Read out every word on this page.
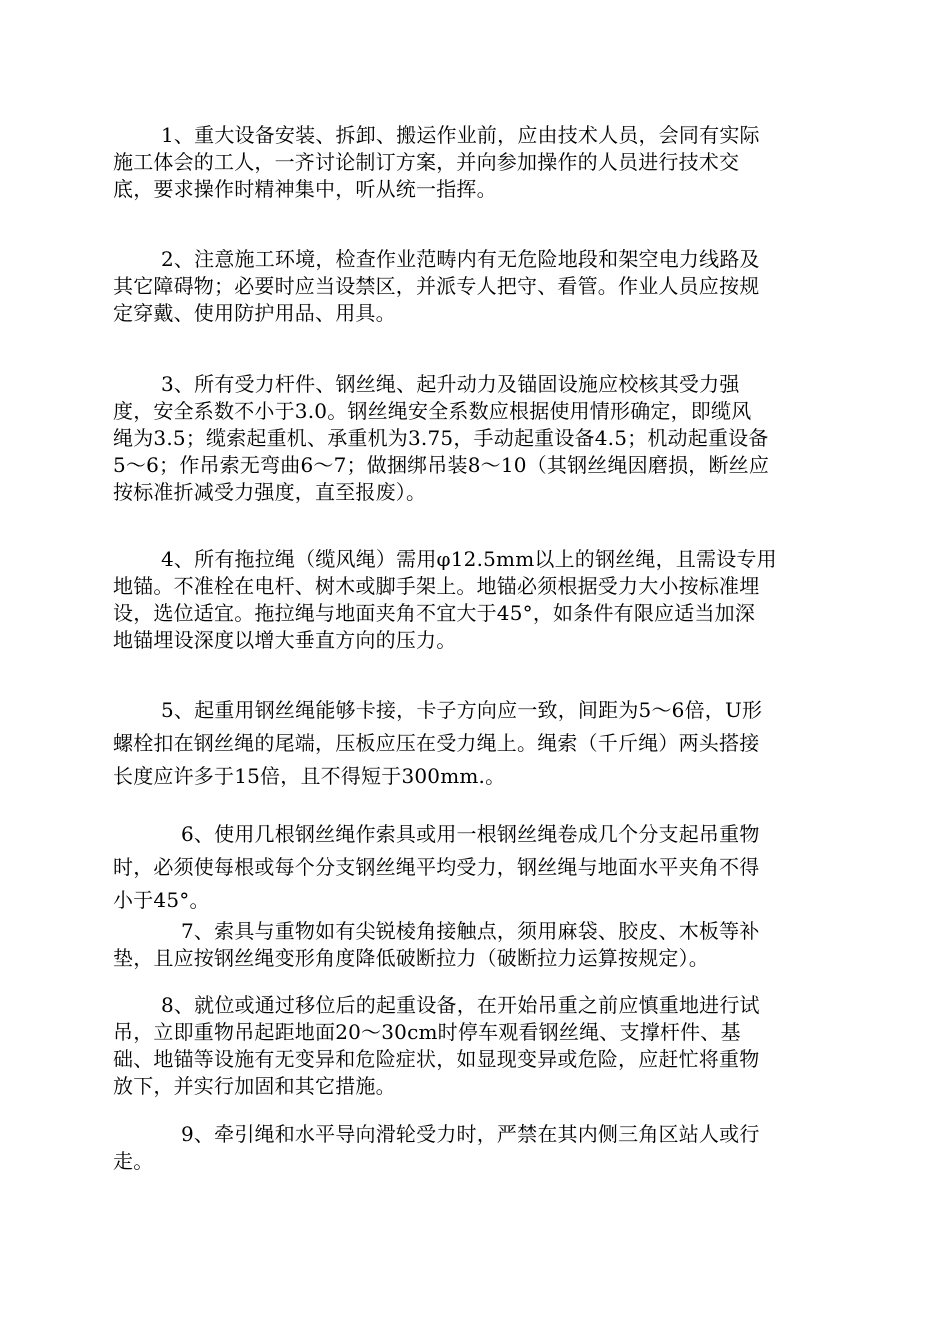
1、重大设备安装、拆卸、搬运作业前，应由技术人员，会同有实际
施工体会的工人，一齐讨论制订方案，并向参加操作的人员进行技术交
底，要求操作时精神集中，听从统一指挥。
2、注意施工环境，检查作业范畴内有无危险地段和架空电力线路及
其它障碍物；必要时应当设禁区，并派专人把守、看管。作业人员应按规
定穿戴、使用防护用品、用具。
3、所有受力杆件、钢丝绳、起升动力及锚固设施应校核其受力强
度，安全系数不小于3.0。钢丝绳安全系数应根据使用情形确定，即缆风
绳为3.5；缆索起重机、承重机为3.75，手动起重设备4.5；机动起重设备
5～6；作吊索无弯曲6～7；做捆绑吊装8～10（其钢丝绳因磨损，断丝应
按标准折减受力强度，直至报废）。
4、所有拖拉绳（缆风绳）需用φ12.5mm以上的钢丝绳，且需设专用
地锚。不准栓在电杆、树木或脚手架上。地锚必须根据受力大小按标准埋
设，选位适宜。拖拉绳与地面夹角不宜大于45°，如条件有限应适当加深
地锚埋设深度以增大垂直方向的压力。
5、起重用钢丝绳能够卡接，卡子方向应一致，间距为5～6倍，U形
螺栓扣在钢丝绳的尾端，压板应压在受力绳上。绳索（千斤绳）两头搭接
长度应许多于15倍，且不得短于300mm.。
6、使用几根钢丝绳作索具或用一根钢丝绳卷成几个分支起吊重物
时，必须使每根或每个分支钢丝绳平均受力，钢丝绳与地面水平夹角不得
小于45°。
7、索具与重物如有尖锐棱角接触点，须用麻袋、胶皮、木板等补
垫，且应按钢丝绳变形角度降低破断拉力（破断拉力运算按规定）。
8、就位或通过移位后的起重设备，在开始吊重之前应慎重地进行试
吊，立即重物吊起距地面20～30cm时停车观看钢丝绳、支撑杆件、基
础、地锚等设施有无变异和危险症状，如显现变异或危险，应赶忙将重物
放下，并实行加固和其它措施。
9、牵引绳和水平导向滑轮受力时，严禁在其内侧三角区站人或行
走。
